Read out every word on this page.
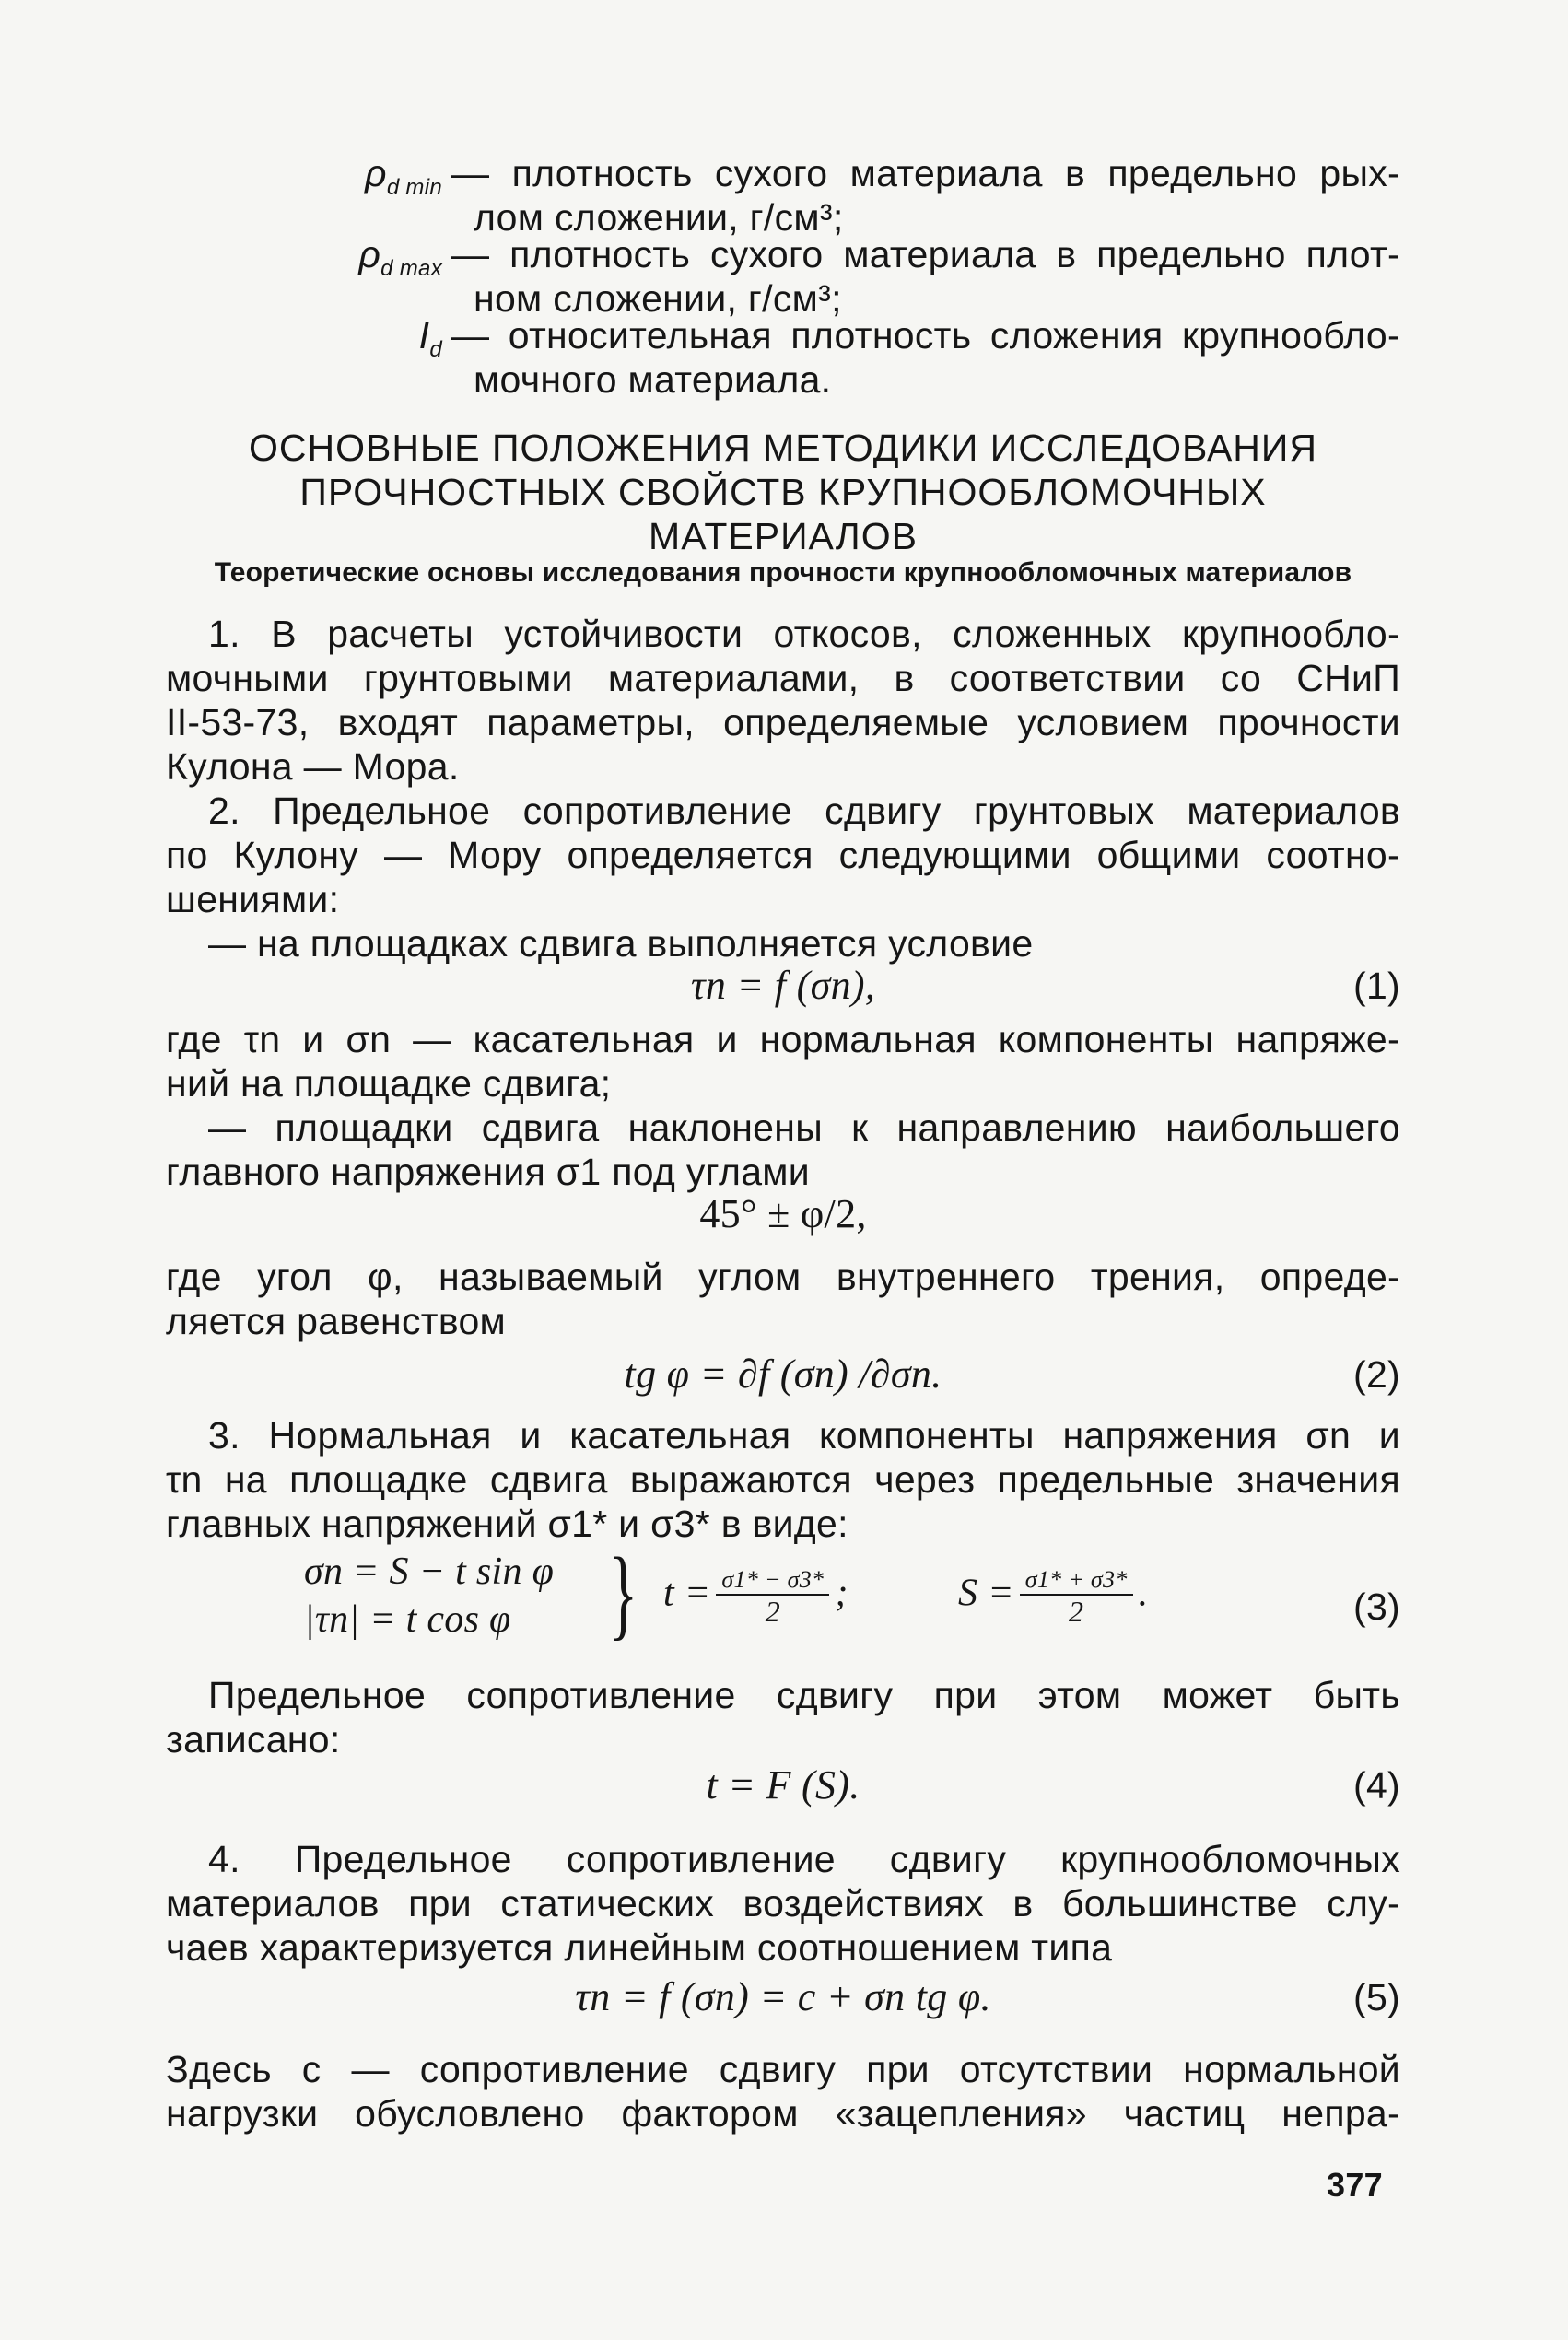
$\rho_{d min}$ — плотность сухого материала в предельно рых-
лом сложении, г/см³;
$\rho_{d max}$ — плотность сухого материала в предельно плот-
ном сложении, г/см³;
$I_d$ — относительная плотность сложения крупнообло-
мочного материала.
ОСНОВНЫЕ ПОЛОЖЕНИЯ МЕТОДИКИ ИССЛЕДОВАНИЯ
ПРОЧНОСТНЫХ СВОЙСТВ КРУПНООБЛОМОЧНЫХ МАТЕРИАЛОВ
Теоретические основы исследования прочности крупнообломочных материалов
1. В расчеты устойчивости откосов, сложенных крупнообло-
мочными грунтовыми материалами, в соответствии со СНиП
II-53-73, входят параметры, определяемые условием прочности
Кулона — Мора.
2. Предельное сопротивление сдвигу грунтовых материалов
по Кулону — Мору определяется следующими общими соотно-
шениями:
— на площадках сдвига выполняется условие
τn = f (σn),	(1)
где τn и σn — касательная и нормальная компоненты напряже-
ний на площадке сдвига;
— площадки сдвига наклонены к направлению наибольшего
главного напряжения σ1 под углами
45° ± φ/2,
где угол φ, называемый углом внутреннего трения, опреде-
ляется равенством
tg φ = ∂f (σn) /∂σn.	(2)
3. Нормальная и касательная компоненты напряжения σn и
τn на площадке сдвига выражаются через предельные значения
главных напряжений σ1* и σ3* в виде:
σn = S − t sin φ
|τn| = t cos φ } $t = \frac{\sigma 1* - \sigma 3*}{2}$ ;	$S = \frac{\sigma 1* + \sigma 3*}{2}$ .	(3)
Предельное сопротивление сдвигу при этом может быть
записано:
t = F (S).	(4)
4. Предельное сопротивление сдвигу крупнообломочных
материалов при статических воздействиях в большинстве слу-
чаев характеризуется линейным соотношением типа
τn = f (σn) = c + σn tg φ.	(5)
Здесь c — сопротивление сдвигу при отсутствии нормальной
нагрузки обусловлено фактором «зацепления» частиц непра-
377
